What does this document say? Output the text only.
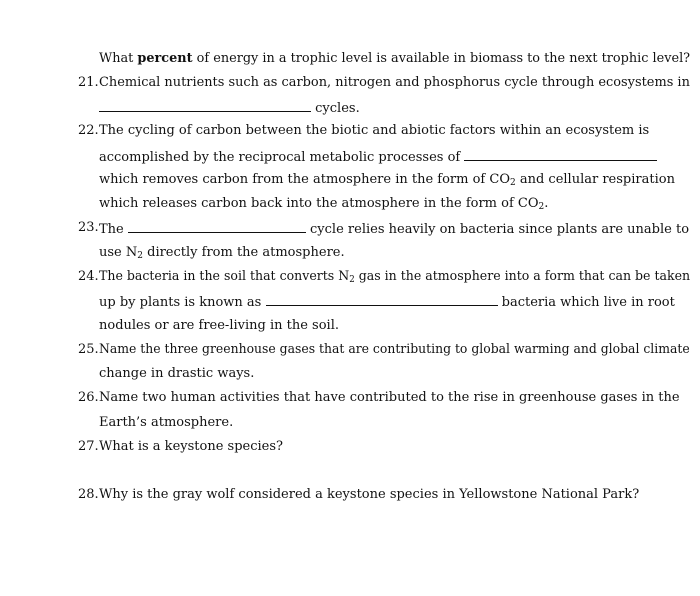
What percent of energy in a trophic level is available in biomass to the next trophic level?
21. Chemical nutrients such as carbon, nitrogen and phosphorus cycle through ecosystems in
cycles.
22. The cycling of carbon between the biotic and abiotic factors within an ecosystem is
accomplished by the reciprocal metabolic processes of
which removes carbon from the atmosphere in the form of $CO_2$ and cellular respiration
which releases carbon back into the atmosphere in the form of $CO_2$.
23. The	cycle relies heavily on bacteria since plants are unable to
use $N_2$ directly from the atmosphere.
24. The bacteria in the soil that converts $N_2$ gas in the atmosphere into a form that can be taken
up by plants is known as	bacteria which live in root
nodules or are free-living in the soil.
25. Name the three greenhouse gases that are contributing to global warming and global climate
change in drastic ways.
26. Name two human activities that have contributed to the rise in greenhouse gases in the
Earth’s atmosphere.
27. What is a keystone species?
28. Why is the gray wolf considered a keystone species in Yellowstone National Park?
